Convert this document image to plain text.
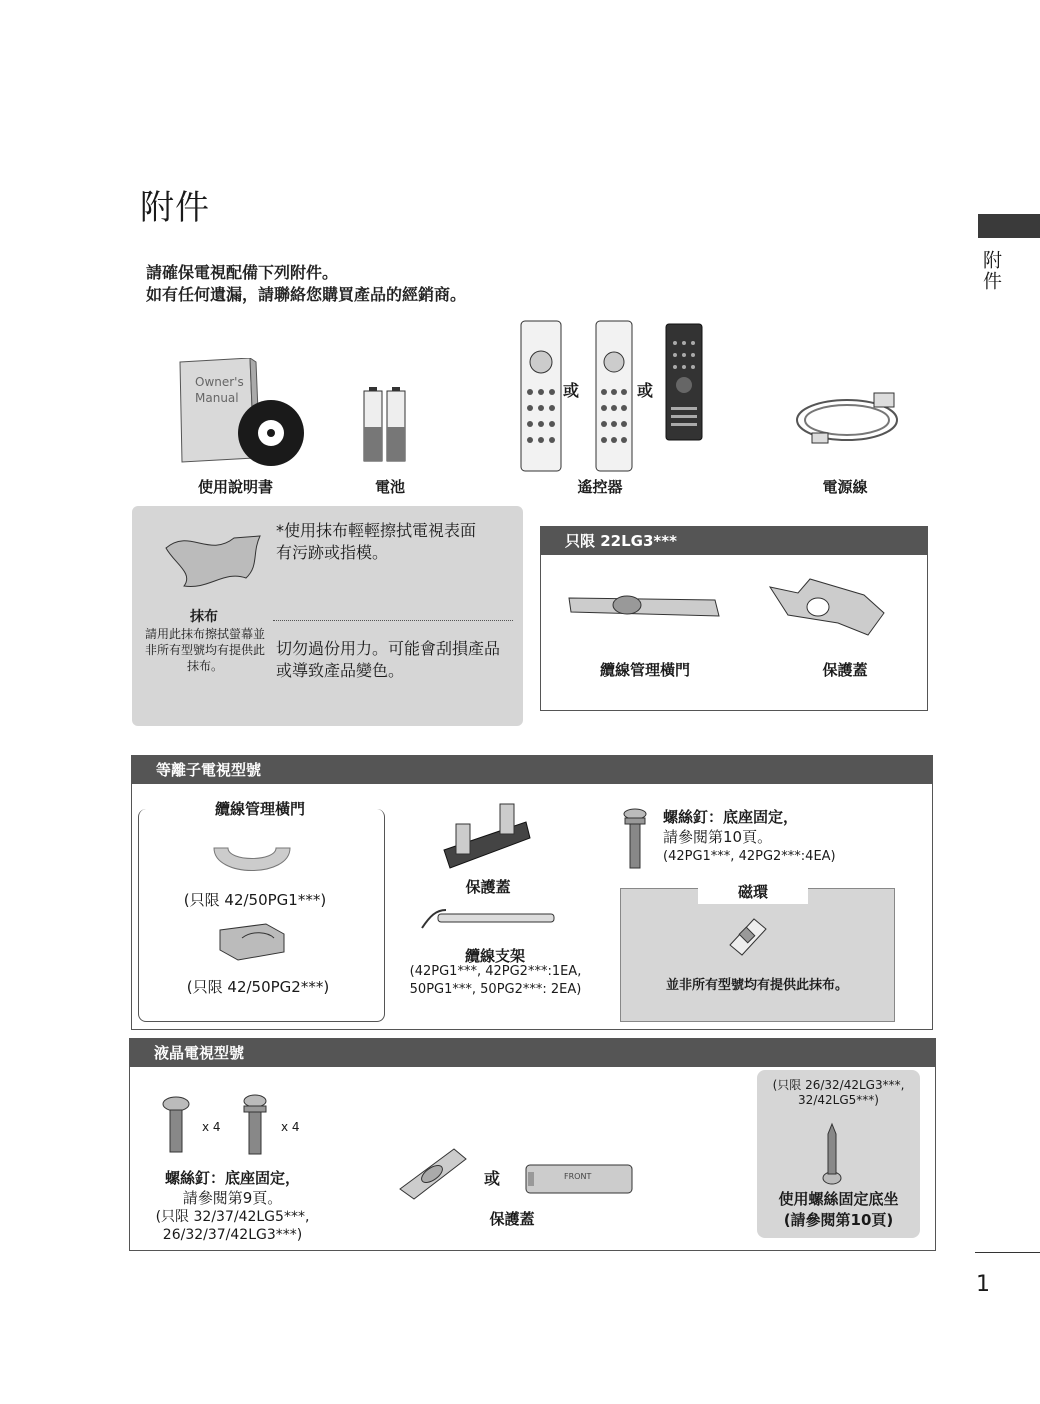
附件
附件
請確保電視配備下列附件。
如有任何遺漏，請聯絡您購買產品的經銷商。
Owner's
Manual
使用說明書	電池
或	或
遙控器	電源線
*使用抹布輕輕擦拭電視表面有污跡或指模。
抹布
請用此抹布擦拭螢幕並非所有型號均有提供此抹布。
切勿過份用力。可能會刮損產品或導致產品變色。
只限 22LG3***
纜線管理橫門	保護蓋
等離子電視型號
纜線管理橫門
(只限 42/50PG1***)
(只限 42/50PG2***)
保護蓋
纜線支架
(42PG1***, 42PG2***:1EA,
50PG1***, 50PG2***: 2EA)
螺絲釘：底座固定，
請參閱第10頁。
(42PG1***, 42PG2***:4EA)
磁環
並非所有型號均有提供此抹布。
液晶電視型號
x 4	x 4
螺絲釘：底座固定，
請參閱第9頁。
(只限 32/37/42LG5***,
26/32/37/42LG3***)
或	FRONT
保護蓋
(只限 26/32/42LG3***,
32/42LG5***)
使用螺絲固定底坐
(請參閱第10頁)
1
